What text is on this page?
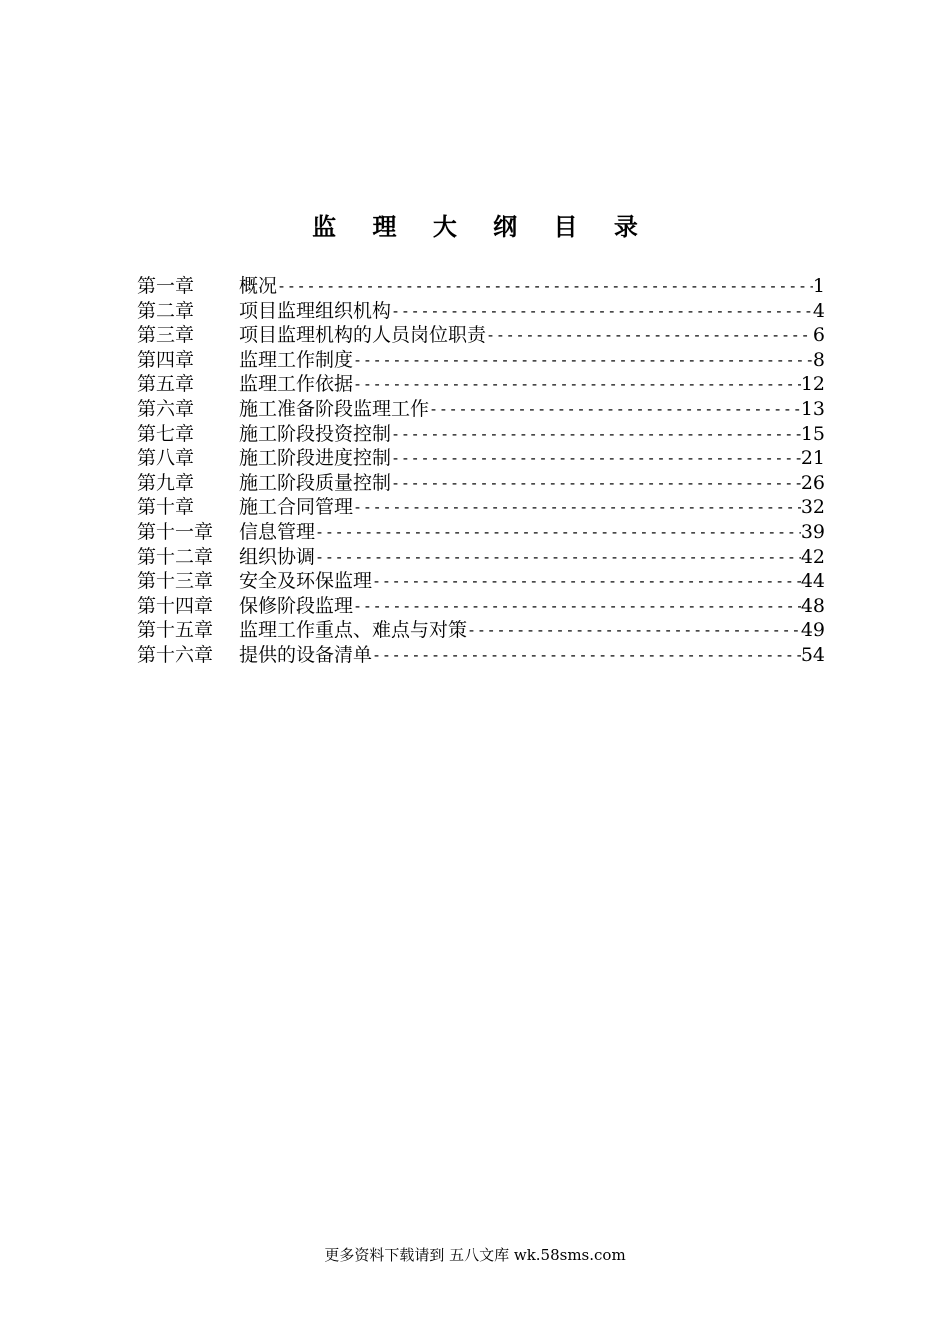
监 理 大 纲 目 录
第一章	概况 -----	1
第二章	项目监理组织机构 -----	4
第三章	项目监理机构的人员岗位职责 -----	6
第四章	监理工作制度 -----	8
第五章	监理工作依据 -----	12
第六章	施工准备阶段监理工作 -----	13
第七章	施工阶段投资控制 -----	15
第八章	施工阶段进度控制 -----	21
第九章	施工阶段质量控制 -----	26
第十章	施工合同管理 -----	32
第十一章	信息管理 -----	39
第十二章	组织协调 -----	42
第十三章	安全及环保监理 -----	44
第十四章	保修阶段监理 -----	48
第十五章	监理工作重点、难点与对策 -----	49
第十六章	提供的设备清单 -----	54
更多资料下载请到 五八文库 wk.58sms.com
